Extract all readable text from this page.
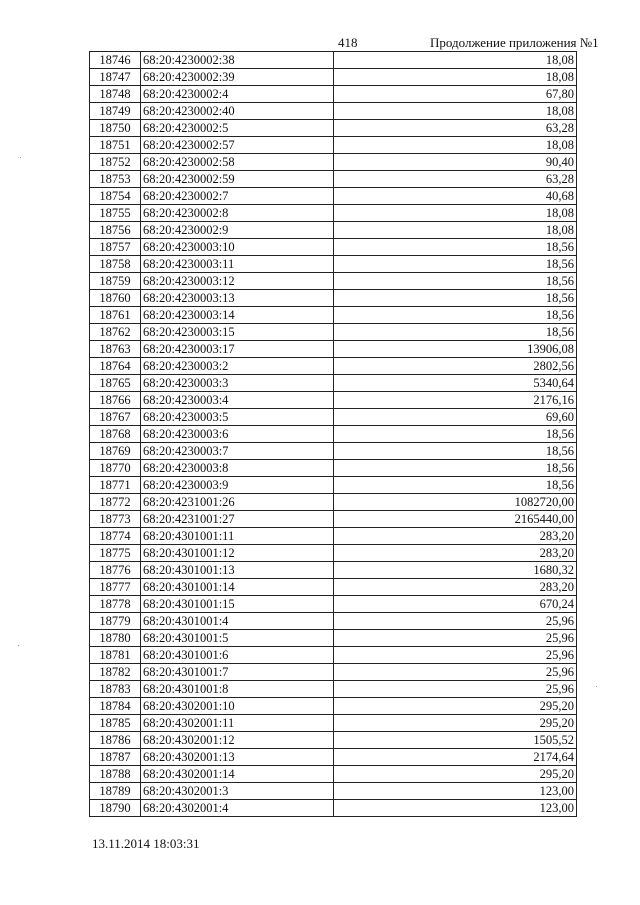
418	Продолжение приложения №1
18746	68:20:4230002:38	18,08
18747	68:20:4230002:39	18,08
18748	68:20:4230002:4	67,80
18749	68:20:4230002:40	18,08
18750	68:20:4230002:5	63,28
18751	68:20:4230002:57	18,08
18752	68:20:4230002:58	90,40
18753	68:20:4230002:59	63,28
18754	68:20:4230002:7	40,68
18755	68:20:4230002:8	18,08
18756	68:20:4230002:9	18,08
18757	68:20:4230003:10	18,56
18758	68:20:4230003:11	18,56
18759	68:20:4230003:12	18,56
18760	68:20:4230003:13	18,56
18761	68:20:4230003:14	18,56
18762	68:20:4230003:15	18,56
18763	68:20:4230003:17	13906,08
18764	68:20:4230003:2	2802,56
18765	68:20:4230003:3	5340,64
18766	68:20:4230003:4	2176,16
18767	68:20:4230003:5	69,60
18768	68:20:4230003:6	18,56
18769	68:20:4230003:7	18,56
18770	68:20:4230003:8	18,56
18771	68:20:4230003:9	18,56
18772	68:20:4231001:26	1082720,00
18773	68:20:4231001:27	2165440,00
18774	68:20:4301001:11	283,20
18775	68:20:4301001:12	283,20
18776	68:20:4301001:13	1680,32
18777	68:20:4301001:14	283,20
18778	68:20:4301001:15	670,24
18779	68:20:4301001:4	25,96
18780	68:20:4301001:5	25,96
18781	68:20:4301001:6	25,96
18782	68:20:4301001:7	25,96
18783	68:20:4301001:8	25,96
18784	68:20:4302001:10	295,20
18785	68:20:4302001:11	295,20
18786	68:20:4302001:12	1505,52
18787	68:20:4302001:13	2174,64
18788	68:20:4302001:14	295,20
18789	68:20:4302001:3	123,00
18790	68:20:4302001:4	123,00
13.11.2014 18:03:31
